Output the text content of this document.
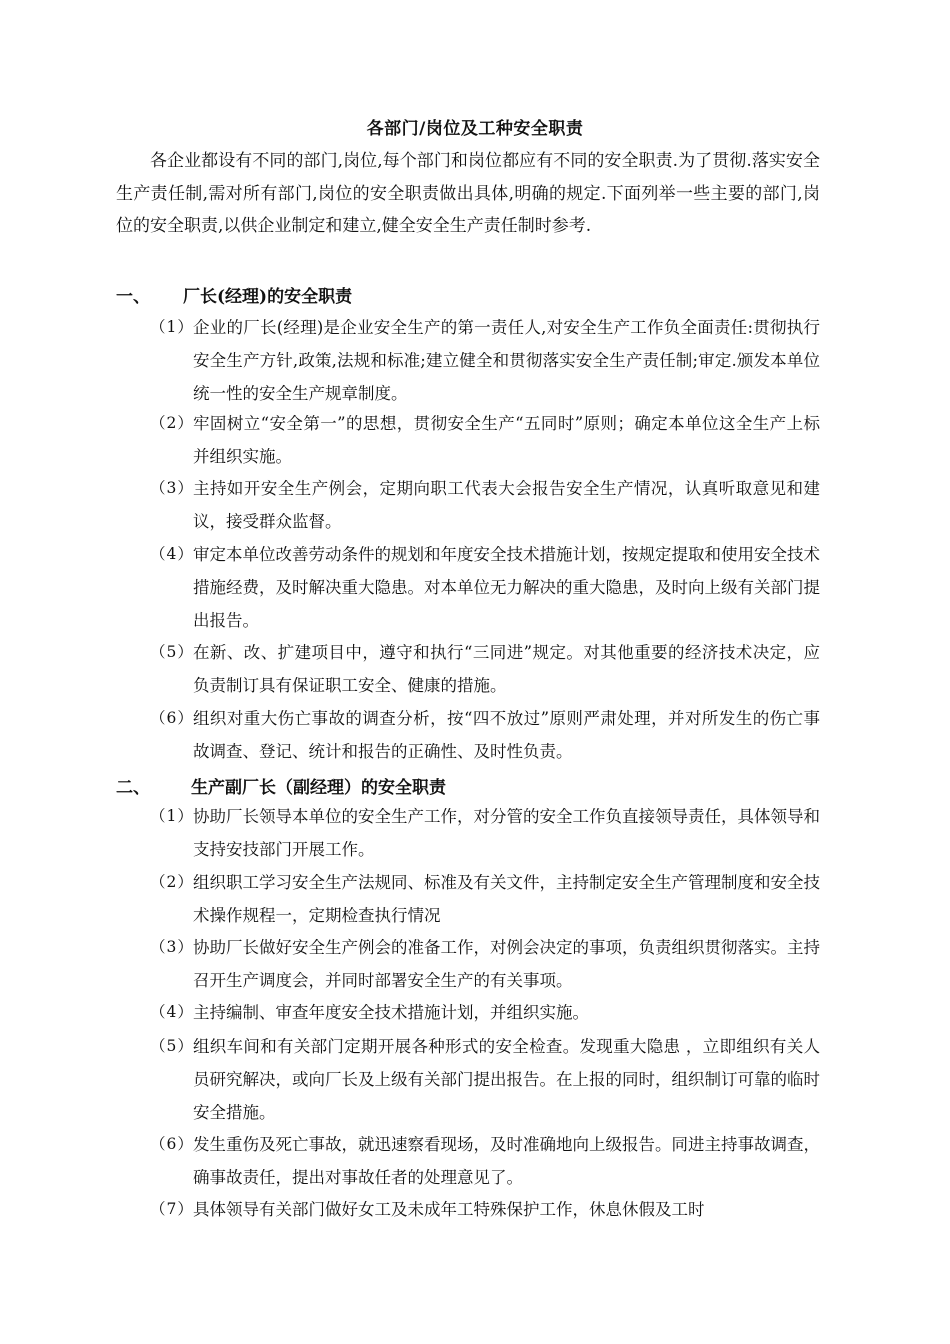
各部门/岗位及工种安全职责
各企业都设有不同的部门,岗位,每个部门和岗位都应有不同的安全职责.为了贯彻.落实安全生产责任制,需对所有部门,岗位的安全职责做出具体,明确的规定.下面列举一些主要的部门,岗位的安全职责,以供企业制定和建立,健全安全生产责任制时参考.
一、 厂长(经理)的安全职责
（1） 企业的厂长(经理)是企业安全生产的第一责任人,对安全生产工作负全面责任:贯彻执行安全生产方针,政策,法规和标准;建立健全和贯彻落实安全生产责任制;审定.颁发本单位统一性的安全生产规章制度。
（2） 牢固树立“安全第一”的思想，贯彻安全生产“五同时”原则；确定本单位这全生产上标并组织实施。
（3） 主持如开安全生产例会，定期向职工代表大会报告安全生产情况，认真听取意见和建议，接受群众监督。
（4） 审定本单位改善劳动条件的规划和年度安全技术措施计划，按规定提取和使用安全技术措施经费，及时解决重大隐患。对本单位无力解决的重大隐患，及时向上级有关部门提出报告。
（5） 在新、改、扩建项目中，遵守和执行“三同进”规定。对其他重要的经济技术决定，应负责制订具有保证职工安全、健康的措施。
（6） 组织对重大伤亡事故的调查分析，按“四不放过”原则严肃处理，并对所发生的伤亡事故调查、登记、统计和报告的正确性、及时性负责。
二、 生产副厂长（副经理）的安全职责
（1） 协助厂长领导本单位的安全生产工作，对分管的安全工作负直接领导责任，具体领导和支持安技部门开展工作。
（2） 组织职工学习安全生产法规同、标准及有关文件，主持制定安全生产管理制度和安全技术操作规程一，定期检查执行情况
（3） 协助厂长做好安全生产例会的准备工作，对例会决定的事项，负责组织贯彻落实。主持召开生产调度会，并同时部署安全生产的有关事项。
（4） 主持编制、审查年度安全技术措施计划，并组织实施。
（5） 组织车间和有关部门定期开展各种形式的安全检查。发现重大隐患 ，立即组织有关人员研究解决，或向厂长及上级有关部门提出报告。在上报的同时，组织制订可靠的临时安全措施。
（6） 发生重伤及死亡事故，就迅速察看现场，及时准确地向上级报告。同进主持事故调查，确事故责任，提出对事故任者的处理意见了。
（7） 具体领导有关部门做好女工及未成年工特殊保护工作，休息休假及工时
